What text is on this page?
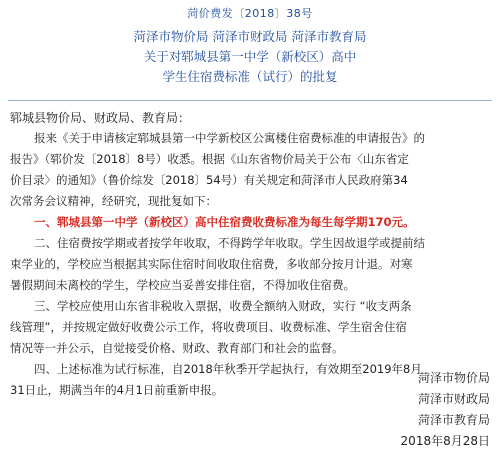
菏价费发〔2018〕38号
菏泽市物价局 菏泽市财政局 菏泽市教育局
关于对郓城县第一中学（新校区）高中
学生住宿费标准（试行）的批复
郓城县物价局、财政局、教育局：
报来《关于申请核定郓城县第一中学新校区公寓楼住宿费标准的申请报告》的
报告》（郓价发〔2018〕8号）收悉。根据《山东省物价局关于公布〈山东省定
价目录〉的通知》（鲁价综发〔2018〕54号）有关规定和菏泽市人民政府第34
次常务会议精神，经研究，现批复如下：
一、郓城县第一中学（新校区）高中住宿费收费标准为每生每学期170元。
二、住宿费按学期或者按学年收取，不得跨学年收取。学生因故退学或提前结
束学业的，学校应当根据其实际住宿时间收取住宿费，多收部分按月计退。对寒
暑假期间未离校的学生，学校应当妥善安排住宿，不得加收住宿费。
三、学校应使用山东省非税收入票据，收费全额纳入财政，实行 “收支两条
线管理”，并按规定做好收费公示工作，将收费项目、收费标准、学生宿舍住宿
情况等一并公示，自觉接受价格、财政、教育部门和社会的监督。
四、上述标准为试行标准，自2018年秋季开学起执行，有效期至2019年8月
31日止，期满当年的4月1日前重新申报。
菏泽市物价局
菏泽市财政局
菏泽市教育局
2018年8月28日
